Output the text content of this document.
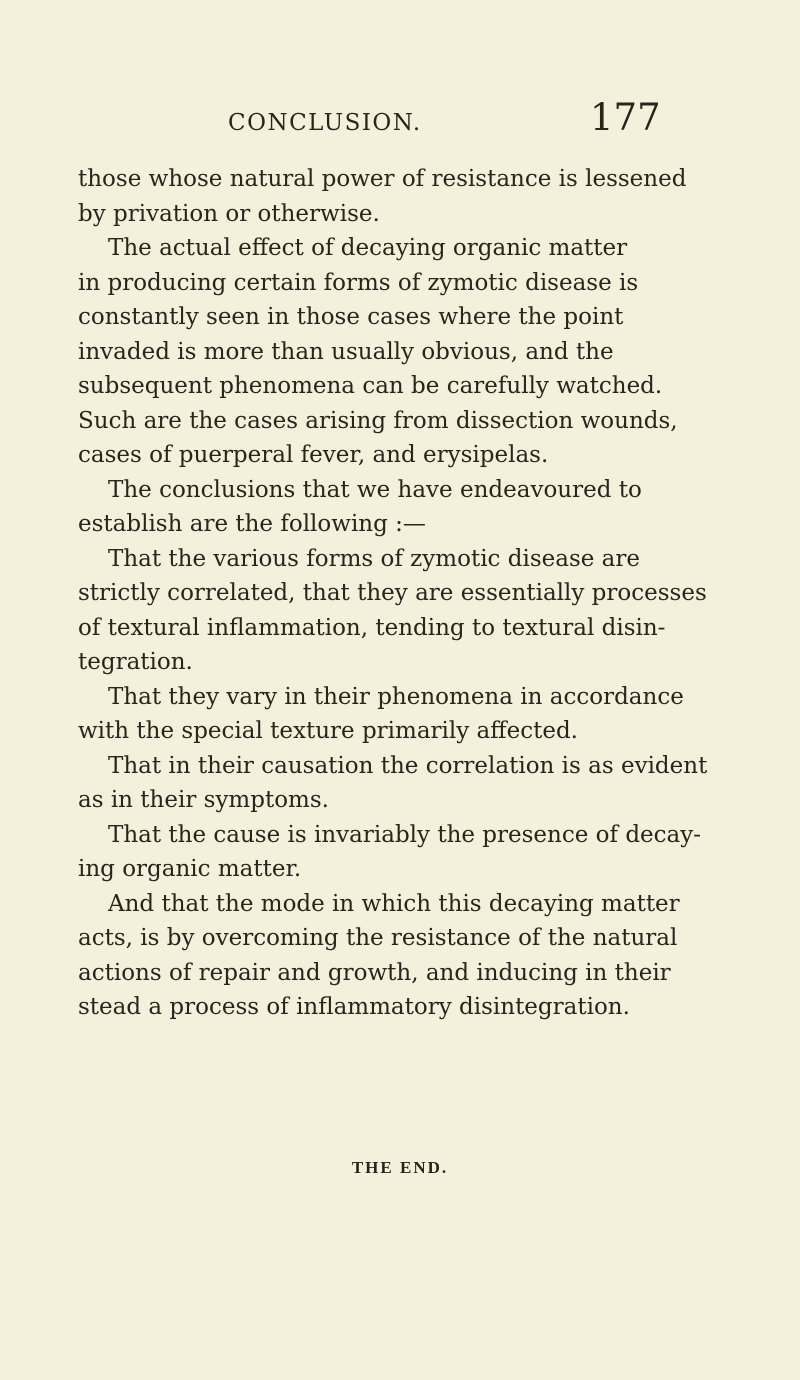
CONCLUSION.	177
those whose natural power of resistance is lessened
by privation or otherwise.
The actual effect of decaying organic matter
in producing certain forms of zymotic disease is
constantly seen in those cases where the point
invaded is more than usually obvious, and the
subsequent phenomena can be carefully watched.
Such are the cases arising from dissection wounds,
cases of puerperal fever, and erysipelas.
The conclusions that we have endeavoured to
establish are the following :—
That the various forms of zymotic disease are
strictly correlated, that they are essentially processes
of textural inflammation, tending to textural disin-
tegration.
That they vary in their phenomena in accordance
with the special texture primarily affected.
That in their causation the correlation is as evident
as in their symptoms.
That the cause is invariably the presence of decay-
ing organic matter.
And that the mode in which this decaying matter
acts, is by overcoming the resistance of the natural
actions of repair and growth, and inducing in their
stead a process of inflammatory disintegration.
THE END.
